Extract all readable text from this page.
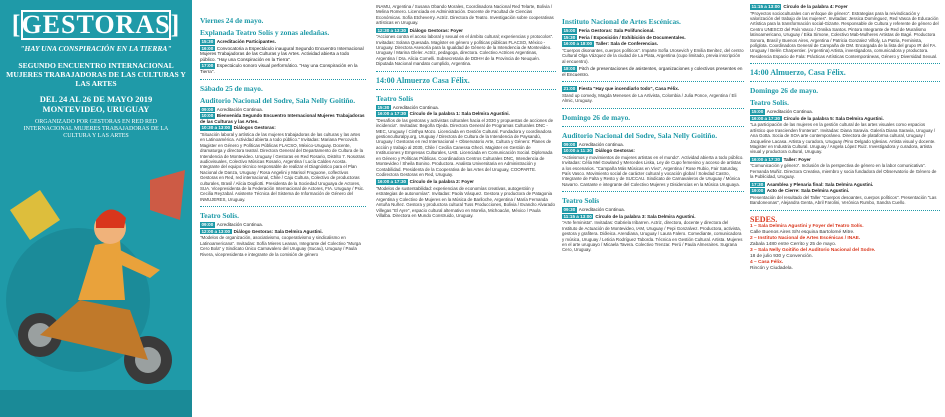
[GESTORAS]
"HAY UNA CONSPIRACIÓN EN LA TIERRA"
SEGUNDO ENCUENTRO INTERNACIONAL MUJERES TRABAJADORAS DE LAS CULTURAS Y LAS ARTES
DEL 24 AL 26 DE MAYO 2019
MONTEVIDEO, URUGUAY
ORGANIZADO POR GESTORAS EN RED RED INTERNACIONAL MUJERES TRABAJADORAS DE LA CULTURA Y LAS ARTES
Viernes 24 de mayo.
Explanada Teatro Solís y zonas aledañas.
15:30 Acreditación Participantes.
16:00 Convocatoria a Espectáculo inaugural Segundo Encuentro Internacional Mujeres Trabajadoras de las Culturas y las Artes. Actividad abierta a todo público. "Hay una Conspiración en la Tierra".
17:00 Espectáculo sonoro visual performático. "Hay una Conspiración en la Tierra".
Sábado 25 de mayo.
Auditorio Nacional del Sodre, Sala Nelly Goitiño.
09:00 Acreditación Continua.
10:00 Bienvenida Segundo Encuentro Internacional Mujeres Trabajadoras de las Culturas y las Artes.
10:30 a 13:00 Diálogos Gestoras:
"Situación laboral y artística de las mujeres trabajadoras de las culturas y las artes en Latinoamérica. Actividad abierta a todo público." Invitadas: Mariana Percovich. Magister en Género y Políticas Públicas FLACSO, México-Uruguay. Docente, dramaturga y directora teatral. Directora General del Departamento de Cultura de la Intendencia de Montevideo. Uruguay / Gestoras en Red Rosario, Distrito 7. Nosotras audiovisuales, Colectivo Músicas Rosario, Argentina / Lucía Caldes Acosta. Integrante del equipo técnico responsable de realizar el Diagnóstico para el Plan Nacional de Danza, Uruguay / Rosa Angelini y Marisol Fruguone, coflectivos Gestoras en Red, red internacional, Chile / Caju Cultura, Colectivo de productoras culturales, Brasil / Alicia Dogliotti. Presidenta de la Sociedad Uruguaya de Actores, SUA. Vicepresidenta de la Federación Internacional de Actores, FIA. Uruguay / Psic. Cecilia Reyzabal. Asistente Técnica del Sistema de Información de Género del INMUJERES, Uruguay.
Teatro Solís.
09:00 Acreditación Continua.
12:00 a 13:00 Diálogo Gestoras: Sala Delmira Agustini.
"Modelos de organización, asociativismo, cooperativismo y sindicalismo en Latinoamericana". Invitadas: Sofía Mieres Leanan, Integrante del Colectivo "Murga Cero Bola" y Sindicato Único Carnavalero del Uruguay (Sucau), Uruguay / Paula Rivera, vicepresidenta e integrante de la comisión de género
INAMU, Argentina / Susana Obando Morales, Coordinadora Nacional Red Telarte, Bolivia / Melina Romero. Licenciada en Administración. Docente de Facultad de Ciencias Económicas. Sofía Etcheverry. Actriz. Directora de Teatro. Investigación sobre cooperativas artísticas en Uruguay.
12:30 a 13:30 Diálogo Gestoras: Foyer
"Acciones contra el acoso laboral y sexual en el ámbito cultural; experiencias y protocolos". Invitadas: Solana Quesada. Magíster en género y políticas públicas FLACSO, México - Uruguay. Directora Asesoría para la Igualdad de Género de la Intendencia de Montevideo. Uruguay / Marina Gleler. Actriz, pedagoga, directora. Colectivo Actrices Argentinas, Argentina / Dra. Alicia Comelli. Subsecretaria de DDHH de la Provincia de Neuquén. Diputada Nacional mandato cumplido, Argentina.
14:00 Almuerzo Casa Félix.
Teatro Solís
15:30 Acreditación Continua.
16:00 a 17:30 Círculo de la palabra 1: Sala Delmira Agustini.
"Desafíos de las gestoras y activistas culturales hacia el 2030 y propuestas de acciones de incidencia". Invitadas: Begoña Ojeda. Directora General de Programas Culturales DNC - MEC, Uruguay / Cinthya Mozo. Licenciada en Gestión Cultural. Fundadora y coordinadora gestionculturalpy.org, Uruguay / Directora de Cultura de la Intendencia de Paysandú, Uruguay / Gestoras en red Internacional + Observatorio Arte, Cultura y Género: Planes de acción y trabajo al 2030, Chile / Cecilia Canessa Ghezi. Magister en Gestión de Instituciones y Empresas Culturales, UAB. Licenciada en Comunicación Social. Diplomada en Género y Políticas Públicas. Coordinadora Centros Culturales DNC, Intendencia de Montevideo / Sheila Bonino. Productora. Analista Universitaria en Administración y Contabilidad. Presidenta de la Cooperativa de las Artes del Uruguay, COOPARTE. Codirectora Gestoras en Red, Uruguay.
16:00 a 17:30 Círculo de la palabra 2: Foyer
"Modelos de sustentabilidad: experiencias de economías creativas, autogestión y estrategias de autonomías". Invitadas: Paola Vásquez. Gestora y productora de Patagonia Argentina y Colectivo de Mujeres en la Música de Bariloche, Argentina / María Fernanda Antuña Nuñez. Gestora y productora cultural Tuss Producciones, Bolivia / Evandro Alvarado Villegas "El Ayre", espacio cultural alternativo en Morelia, Michoacán, México / Paula Villalba. Directora en Mundo Construido, Uruguay.
Instituto Nacional de Artes Escénicas.
15:00 Feria Gestoras: Sala Polifuncional.
15:30 Feria / Exposición / Exhibición de Documentales.
16:00 a 18:00 Taller: Sala de Conferencias.
"Cuerpos disonantes, cuerpos políticos". Imparte Sofía Urosevich y Emilia Benítez, del centro Cultural Olga Vázquez de la ciudad de La Plata, Argentina (cupo limitado, previa inscripción al encuentro).
18:00 Pitch de presentaciones de asistentes, organizaciones y colectivos presentes en el Encuentro.
21:00 Fiesta "Hay que incendiarlo todo", Casa Félix.
Stand up comedy, Magda Meneses de La Artivista, Colombia / Julia Ponce, Argentina / Eli Almic, Uruguay.
Domingo 26 de mayo.
Auditorio Nacional del Sodre, Sala Nelly Goitiño.
09:00 Acreditación continua.
10:00 a 11:30 Diálogo Gestoras:
"Activismos y movimientos de mujeres artistas en el mundo". Actividad abierta a todo público. Invitadas: Célia Mel Gowland y Mercedes Liska, Ley de Cupo femenino y acceso de artistas a los escenarios. "Campaña Más Músicas en Vivo", Argentina / Rose Rubio, Fair Saturday, País Vasco. Movimiento social de carácter cultural y vocación global / Soledad Castro, Integrante de Falta y Resto y de SUCCAU. Sindicato de Carnavaleros de Uruguay / Mónica Navarro. Cantante e integrante del Colectivo Mujeres y Disidencias en la Música Uruguaya.
Teatro Solís
09:30 Acreditación Continua.
11:15 a 13:00 Círculo de la palabra 3: Sala Delmira Agustini.
"Arte feminista". Invitadas: Gabriela Iribarren. Actriz, directora, docente y directora del Instituto de Actuación de Montevideo, IAM, Uruguay / Pepi Gonzalvez. Productora, activista, gestora y grafitera. Dióleica. Arendiana, Uruguay / Laura Falero. Comediante, comunicadora y música, Uruguay / Leticia Rodríguez Taborda. Técnica en Gestión Cultural. Artista. Mujeres en el arte uruguayo / Micaela Tavera. Colectivo Trenzar. Perú / Paula Almeraires. Sugrana Cero, Uruguay.
11:15 a 13:00 Círculo de la palabra 4: Foyer
"Proyectos socioculturales con enfoque de género". Estrategias para la reivindicación y valorización del trabajo de las mujeres". Invitadas: Jessica Domínguez, Red Vasca de Educación Artística para la transformación social-Gizarte. Responsable de Cultura y referente de género del Centro UNESCO del País Vasco / Onnika Santos. Pintora Integrante de Red de Muralismo latinoamericano, Uruguay / Eika Simone, Colectivo Mab-Mulheres Artistas de Bagé. Productora Sonora, Brasil y Buenos Aires, Argentina / Patricia Gonzalez Villoly, La Patria, Feminista, políglota. Coordinadora General de Campaña de DM. Encargada de la lista del grupo IR del FA. Uruguay / Belén Charpentier. (Argentina) Artista, investigadora, comunicadora y productora. Residencia Espacio de Fala: Prácticas Artísticas Contemporáneas, Género y Diversidad Sexual.
14:00 Almuerzo, Casa Félix.
Domingo 26 de mayo.
Teatro Solís.
15:00 Acreditación Continua.
16:00 a 17:30 Círculo de la palabra 5: Sala Delmira Agustini.
"La participación de las mujeres en la gestión cultural de las artes visuales como espacios artístico que trascienden fronteras". Invitadas: Diana Saravia. Galería Diana Saravia, Uruguay / Ana Gotta. Socia de SOA arte contemporáneo. Directora de plataforma cultural, Uruguay / Jacqueline Lacasa. Artista y curadora, Uruguay /Pino Delgado Iglesias. Artista visual y docente. Magister en Industria Cultural. Uruguay / Angela López Ruiz. Investigadora y curadora, artista visual y productora cultural, Uruguay.
16:00 a 17:30 Taller: Foyer
"Comunicación y género". Inclusión de la perspectiva de género en la labor comunicativa". Fernanda Muñiz. Directora Creativa, miembro y socia fundadora del Observatorio de Género de la Publicidad, Uruguay.
17:30 Asamblea y Plenaria final: Sala Delmira Agustini.
19:00 Acto de Cierre: Sala Delmira Agustini.
Presentación del resultado del Taller "Cuerpos desoantes, cuerpos políticos". Presentación "Las Bandoneonas", Alejandra Genta, Abril Farolini, Verónica Rumbo, Sandra Cuello.
SEDES.
1 – Sala Delmira Agustini y Foyer del Teatro Solís.
Calle Buenos Aires S/N esquina Bartolomé Mitre.
2 – Instituto Nacional de Artes Escénicas / INAE.
Zabala 1480 entre Cerrito y 25 de mayo.
3 – Sala Nelly Goitiño del Auditorio Nacional del Sodre.
18 de julio 930 y Convención.
4 – Casa Félix.
Rincón y Ciudadela.
